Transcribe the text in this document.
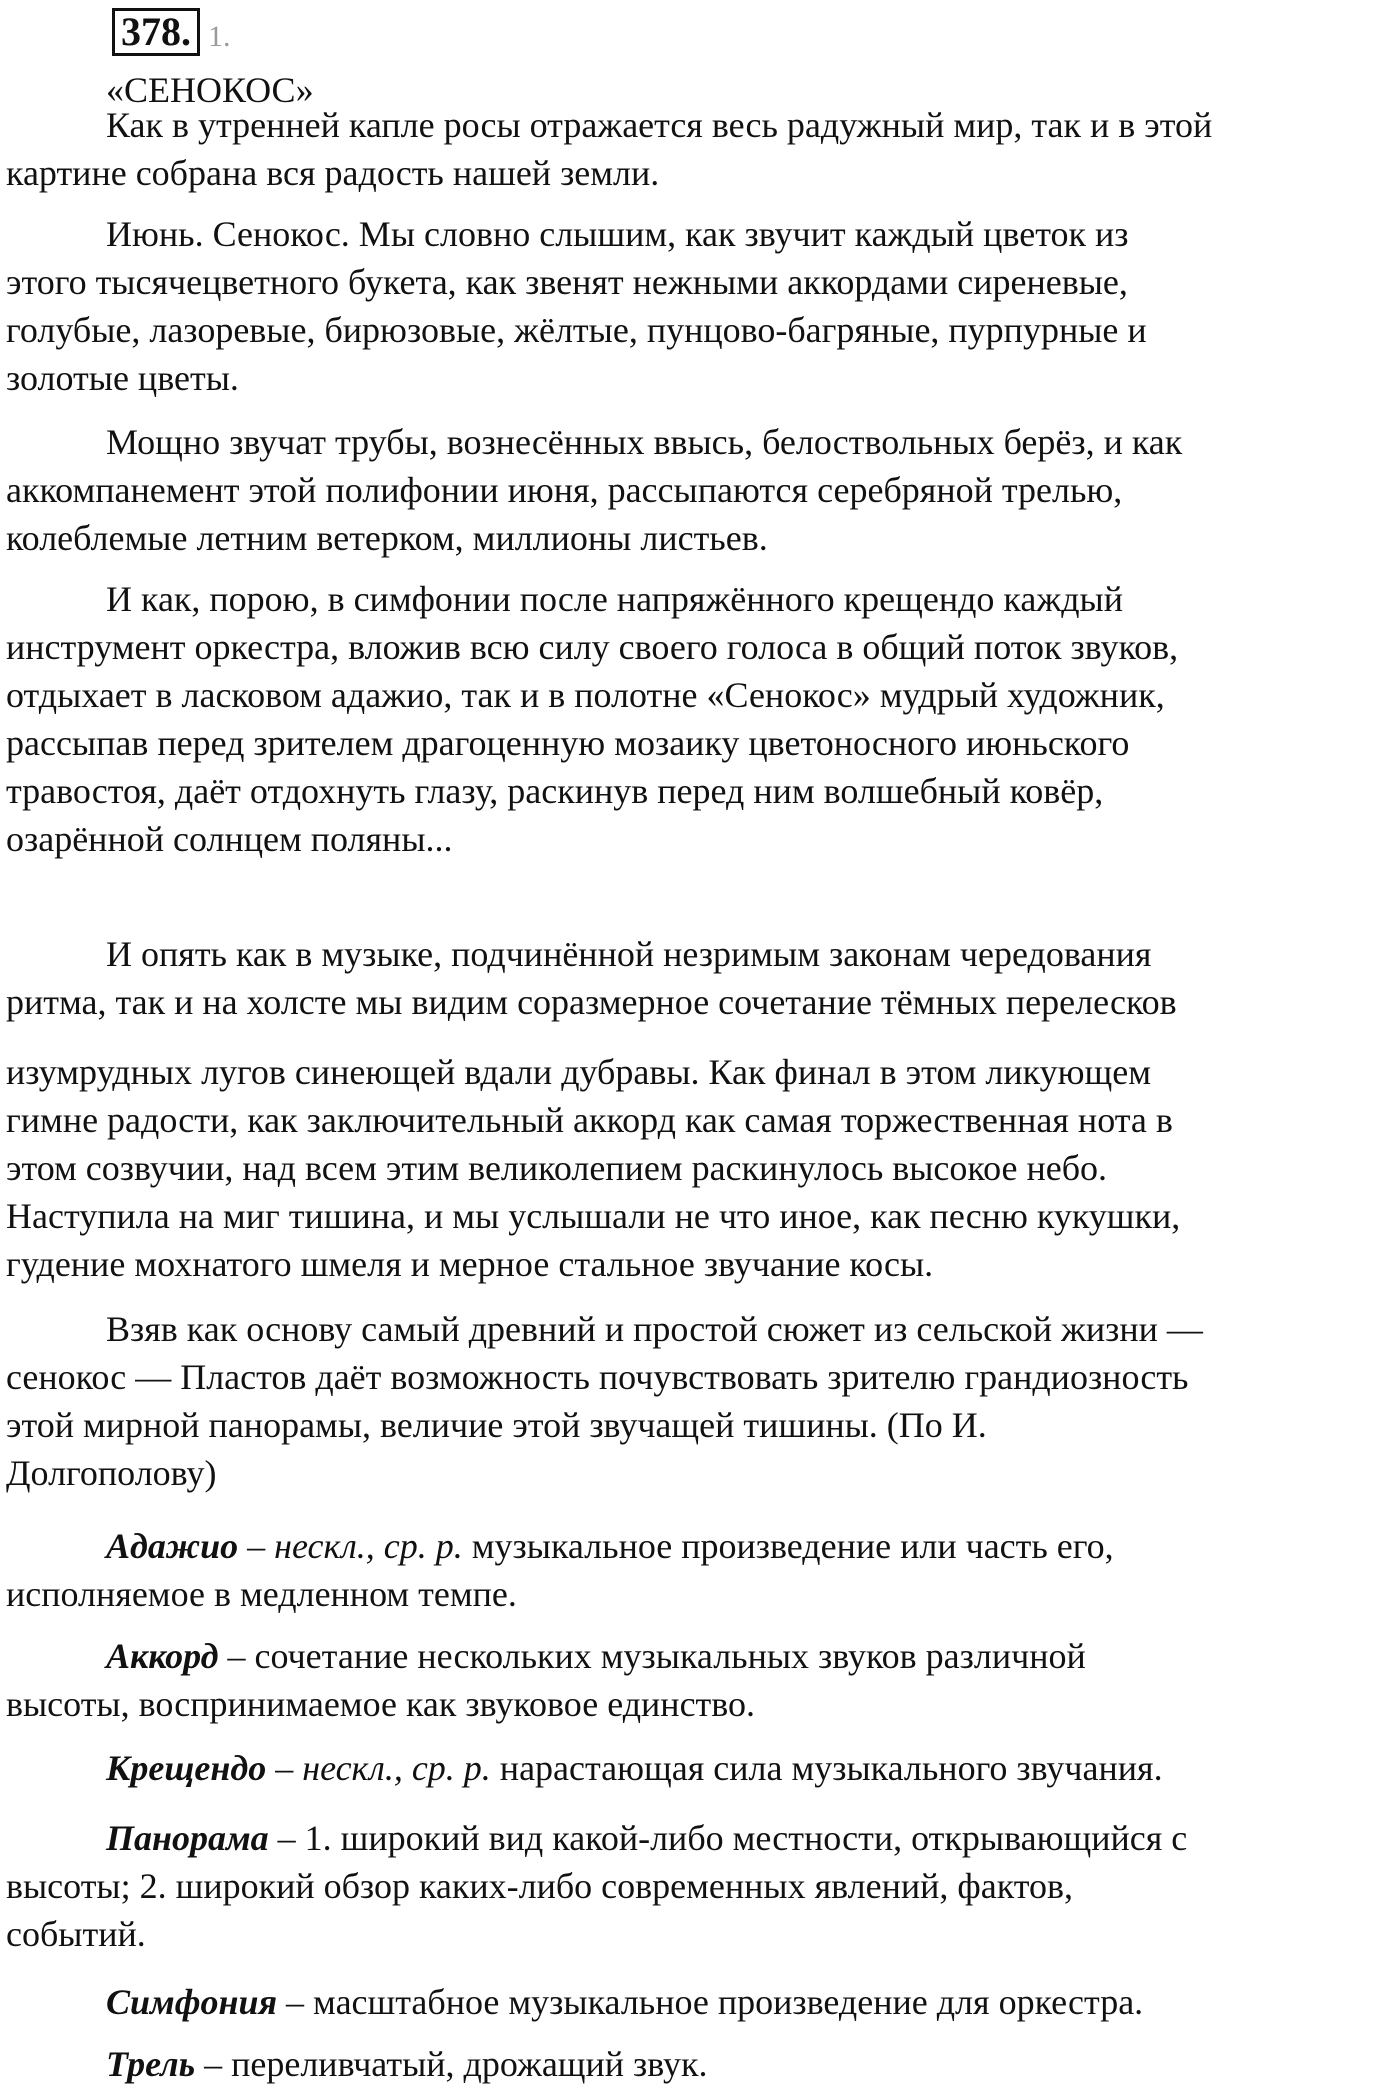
378. 1.

«СЕНОКОС»

Как в утренней капле росы отражается весь радужный мир, так и в этой
картине собрана вся радость нашей земли.

Июнь. Сенокос. Мы словно слышим, как звучит каждый цветок из
этого тысячецветного букета, как звенят нежными аккордами сиреневые,
голубые, лазоревые, бирюзовые, жёлтые, пунцово-багряные, пурпурные и
золотые цветы.

Мощно звучат трубы, вознесённых ввысь, белоствольных берёз, и как
аккомпанемент этой полифонии июня, рассыпаются серебряной трелью,
колеблемые летним ветерком, миллионы листьев.

И как, порою, в симфонии после напряжённого крещендо каждый
инструмент оркестра, вложив всю силу своего голоса в общий поток звуков,
отдыхает в ласковом адажио, так и в полотне «Сенокос» мудрый художник,
рассыпав перед зрителем драгоценную мозаику цветоносного июньского
травостоя, даёт отдохнуть глазу, раскинув перед ним волшебный ковёр,
озарённой солнцем поляны...

И опять как в музыке, подчинённой незримым законам чередования
ритма, так и на холсте мы видим соразмерное сочетание тёмных перелесков

изумрудных лугов синеющей вдали дубравы. Как финал в этом ликующем
гимне радости, как заключительный аккорд как самая торжественная нота в
этом созвучии, над всем этим великолепием раскинулось высокое небо.
Наступила на миг тишина, и мы услышали не что иное, как песню кукушки,
гудение мохнатого шмеля и мерное стальное звучание косы.

Взяв как основу самый древний и простой сюжет из сельской жизни —
сенокос — Пластов даёт возможность почувствовать зрителю грандиозность
этой мирной панорамы, величие этой звучащей тишины. (По И.
Долгополову)

Адажио – нескл., ср. р. музыкальное произведение или часть его,
исполняемое в медленном темпе.

Аккорд – сочетание нескольких музыкальных звуков различной
высоты, воспринимаемое как звуковое единство.

Крещендо – нескл., ср. р. нарастающая сила музыкального звучания.

Панорама – 1. широкий вид какой-либо местности, открывающийся с
высоты; 2. широкий обзор каких-либо современных явлений, фактов,
событий.

Симфония – масштабное музыкальное произведение для оркестра.

Трель – переливчатый, дрожащий звук.
